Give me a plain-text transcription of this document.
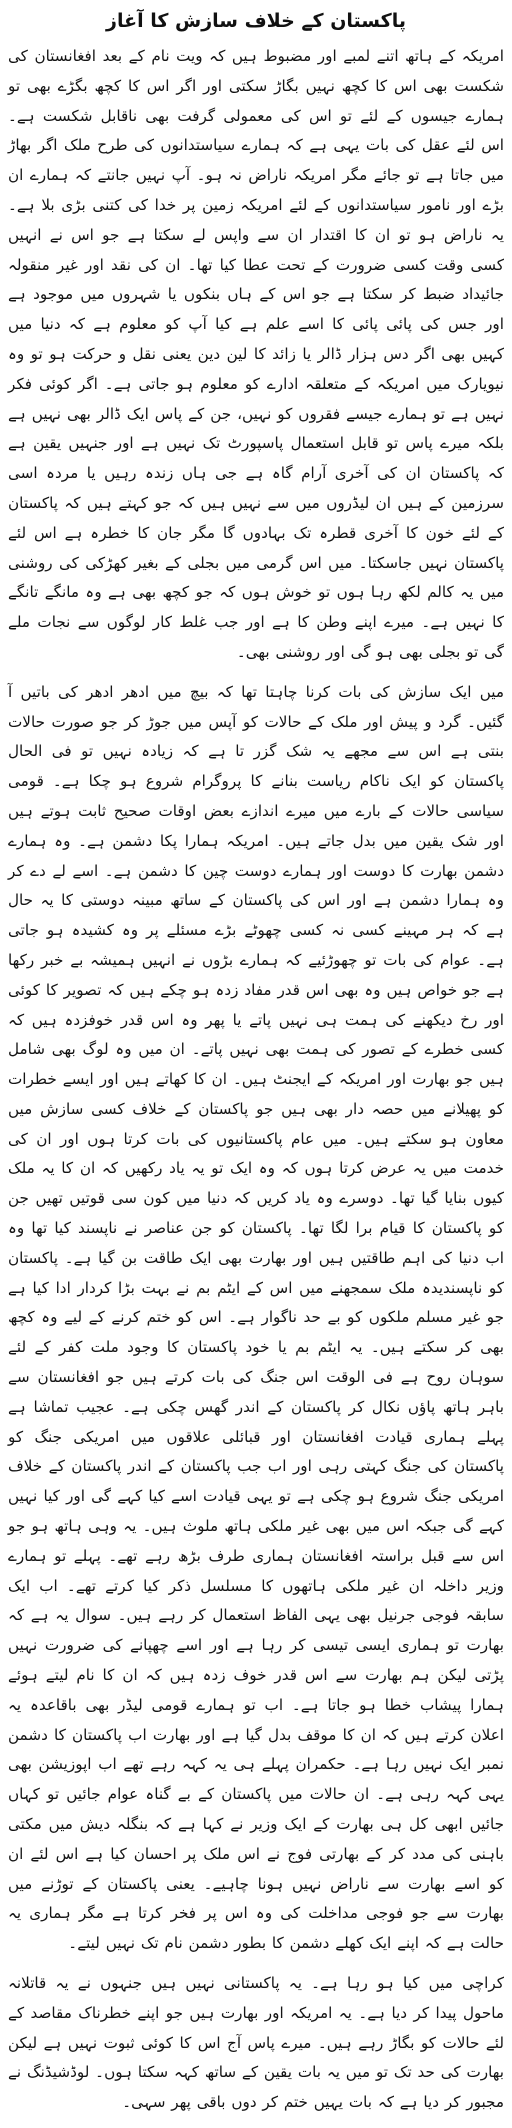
پاکستان کے خلاف سازش کا آغاز

امریکہ کے ہاتھ اتنے لمبے اور مضبوط ہیں کہ ویت نام کے بعد افغانستان کی شکست بھی اس کا کچھ نہیں بگاڑ سکتی اور اگر اس کا کچھ بگڑے بھی تو ہمارے جیسوں کے لئے تو اس کی معمولی گرفت بھی ناقابل شکست ہے۔ اس لئے عقل کی بات یہی ہے کہ ہمارے سیاستدانوں کی طرح ملک اگر بھاڑ میں جاتا ہے تو جائے مگر امریکہ ناراض نہ ہو۔ آپ نہیں جانتے کہ ہمارے ان بڑے اور نامور سیاستدانوں کے لئے امریکہ زمین پر خدا کی کتنی بڑی بلا ہے۔ یہ ناراض ہو تو ان کا اقتدار ان سے واپس لے سکتا ہے جو اس نے انہیں کسی وقت کسی ضرورت کے تحت عطا کیا تھا۔ ان کی نقد اور غیر منقولہ جائیداد ضبط کر سکتا ہے جو اس کے ہاں بنکوں یا شہروں میں موجود ہے اور جس کی پائی پائی کا اسے علم ہے کیا آپ کو معلوم ہے کہ دنیا میں کہیں بھی اگر دس ہزار ڈالر یا زائد کا لین دین یعنی نقل و حرکت ہو تو وہ نیویارک میں امریکہ کے متعلقہ ادارے کو معلوم ہو جاتی ہے۔ اگر کوئی فکر نہیں ہے تو ہمارے جیسے فقروں کو نہیں، جن کے پاس ایک ڈالر بھی نہیں ہے بلکہ میرے پاس تو قابل استعمال پاسپورٹ تک نہیں ہے اور جنہیں یقین ہے کہ پاکستان ان کی آخری آرام گاہ ہے جی ہاں زندہ رہیں یا مردہ اسی سرزمین کے ہیں ان لیڈروں میں سے نہیں ہیں کہ جو کہتے ہیں کہ پاکستان کے لئے خون کا آخری قطرہ تک بہادوں گا مگر جان کا خطرہ ہے اس لئے پاکستان نہیں جاسکتا۔ میں اس گرمی میں بجلی کے بغیر کھڑکی کی روشنی میں یہ کالم لکھ رہا ہوں تو خوش ہوں کہ جو کچھ بھی ہے وہ مانگے تانگے کا نہیں ہے۔ میرے اپنے وطن کا ہے اور جب غلط کار لوگوں سے نجات ملے گی تو بجلی بھی ہو گی اور روشنی بھی۔

میں ایک سازش کی بات کرنا چاہتا تھا کہ بیچ میں ادھر ادھر کی باتیں آ گئیں۔ گرد و پیش اور ملک کے حالات کو آپس میں جوڑ کر جو صورت حالات بنتی ہے اس سے مجھے یہ شک گزر تا ہے کہ زیادہ نہیں تو فی الحال پاکستان کو ایک ناکام ریاست بنانے کا پروگرام شروع ہو چکا ہے۔ قومی سیاسی حالات کے بارے میں میرے اندازے بعض اوقات صحیح ثابت ہوتے ہیں اور شک یقین میں بدل جاتے ہیں۔ امریکہ ہمارا پکا دشمن ہے۔ وہ ہمارے دشمن بھارت کا دوست اور ہمارے دوست چین کا دشمن ہے۔ اسے لے دے کر وہ ہمارا دشمن ہے اور اس کی پاکستان کے ساتھ مبینہ دوستی کا یہ حال ہے کہ ہر مہینے کسی نہ کسی چھوٹے بڑے مسئلے پر وہ کشیدہ ہو جاتی ہے۔ عوام کی بات تو چھوڑئیے کہ ہمارے بڑوں نے انہیں ہمیشہ بے خبر رکھا ہے جو خواص ہیں وہ بھی اس قدر مفاد زدہ ہو چکے ہیں کہ تصویر کا کوئی اور رخ دیکھنے کی ہمت ہی نہیں پاتے یا پھر وہ اس قدر خوفزدہ ہیں کہ کسی خطرے کے تصور کی ہمت بھی نہیں پاتے۔ ان میں وہ لوگ بھی شامل ہیں جو بھارت اور امریکہ کے ایجنٹ ہیں۔ ان کا کھاتے ہیں اور ایسے خطرات کو پھیلانے میں حصہ دار بھی ہیں جو پاکستان کے خلاف کسی سازش میں معاون ہو سکتے ہیں۔ میں عام پاکستانیوں کی بات کرتا ہوں اور ان کی خدمت میں یہ عرض کرتا ہوں کہ وہ ایک تو یہ یاد رکھیں کہ ان کا یہ ملک کیوں بنایا گیا تھا۔ دوسرے وہ یاد کریں کہ دنیا میں کون سی قوتیں تھیں جن کو پاکستان کا قیام برا لگا تھا۔ پاکستان کو جن عناصر نے ناپسند کیا تھا وہ اب دنیا کی اہم طاقتیں ہیں اور بھارت بھی ایک طاقت بن گیا ہے۔ پاکستان کو ناپسندیدہ ملک سمجھنے میں اس کے ایٹم بم نے بہت بڑا کردار ادا کیا ہے جو غیر مسلم ملکوں کو بے حد ناگوار ہے۔ اس کو ختم کرنے کے لیے وہ کچھ بھی کر سکتے ہیں۔ یہ ایٹم بم یا خود پاکستان کا وجود ملت کفر کے لئے سوہان روح ہے فی الوقت اس جنگ کی بات کرتے ہیں جو افغانستان سے باہر ہاتھ پاؤں نکال کر پاکستان کے اندر گھس چکی ہے۔ عجیب تماشا ہے پہلے ہماری قیادت افغانستان اور قبائلی علاقوں میں امریکی جنگ کو پاکستان کی جنگ کہتی رہی اور اب جب پاکستان کے اندر پاکستان کے خلاف امریکی جنگ شروع ہو چکی ہے تو یہی قیادت اسے کیا کہے گی اور کیا نہیں کہے گی جبکہ اس میں بھی غیر ملکی ہاتھ ملوث ہیں۔ یہ وہی ہاتھ ہو جو اس سے قبل براستہ افغانستان ہماری طرف بڑھ رہے تھے۔ پہلے تو ہمارے وزیر داخلہ ان غیر ملکی ہاتھوں کا مسلسل ذکر کیا کرتے تھے۔ اب ایک سابقہ فوجی جرنیل بھی یہی الفاظ استعمال کر رہے ہیں۔ سوال یہ ہے کہ بھارت تو ہماری ایسی تیسی کر رہا ہے اور اسے چھپانے کی ضرورت نہیں پڑتی لیکن ہم بھارت سے اس قدر خوف زدہ ہیں کہ ان کا نام لیتے ہوئے ہمارا پیشاب خطا ہو جاتا ہے۔ اب تو ہمارے قومی لیڈر بھی باقاعدہ یہ اعلان کرتے ہیں کہ ان کا موقف بدل گیا ہے اور بھارت اب پاکستان کا دشمن نمبر ایک نہیں رہا ہے۔ حکمران پہلے ہی یہ کہہ رہے تھے اب اپوزیشن بھی یہی کہہ رہی ہے۔ ان حالات میں پاکستان کے بے گناہ عوام جائیں تو کہاں جائیں ابھی کل ہی بھارت کے ایک وزیر نے کہا ہے کہ بنگلہ دیش میں مکتی باہنی کی مدد کر کے بھارتی فوج نے اس ملک پر احسان کیا ہے اس لئے ان کو اسے بھارت سے ناراض نہیں ہونا چاہیے۔ یعنی پاکستان کے توڑنے میں بھارت سے جو فوجی مداخلت کی وہ اس پر فخر کرتا ہے مگر ہماری یہ حالت ہے کہ اپنے ایک کھلے دشمن کا بطور دشمن نام تک نہیں لیتے۔

کراچی میں کیا ہو رہا ہے۔ یہ پاکستانی نہیں ہیں جنہوں نے یہ قاتلانہ ماحول پیدا کر دیا ہے۔ یہ امریکہ اور بھارت ہیں جو اپنے خطرناک مقاصد کے لئے حالات کو بگاڑ رہے ہیں۔ میرے پاس آج اس کا کوئی ثبوت نہیں ہے لیکن بھارت کی حد تک تو میں یہ بات یقین کے ساتھ کہہ سکتا ہوں۔ لوڈشیڈنگ نے مجبور کر دیا ہے کہ بات یہیں ختم کر دوں باقی پھر سہی۔
